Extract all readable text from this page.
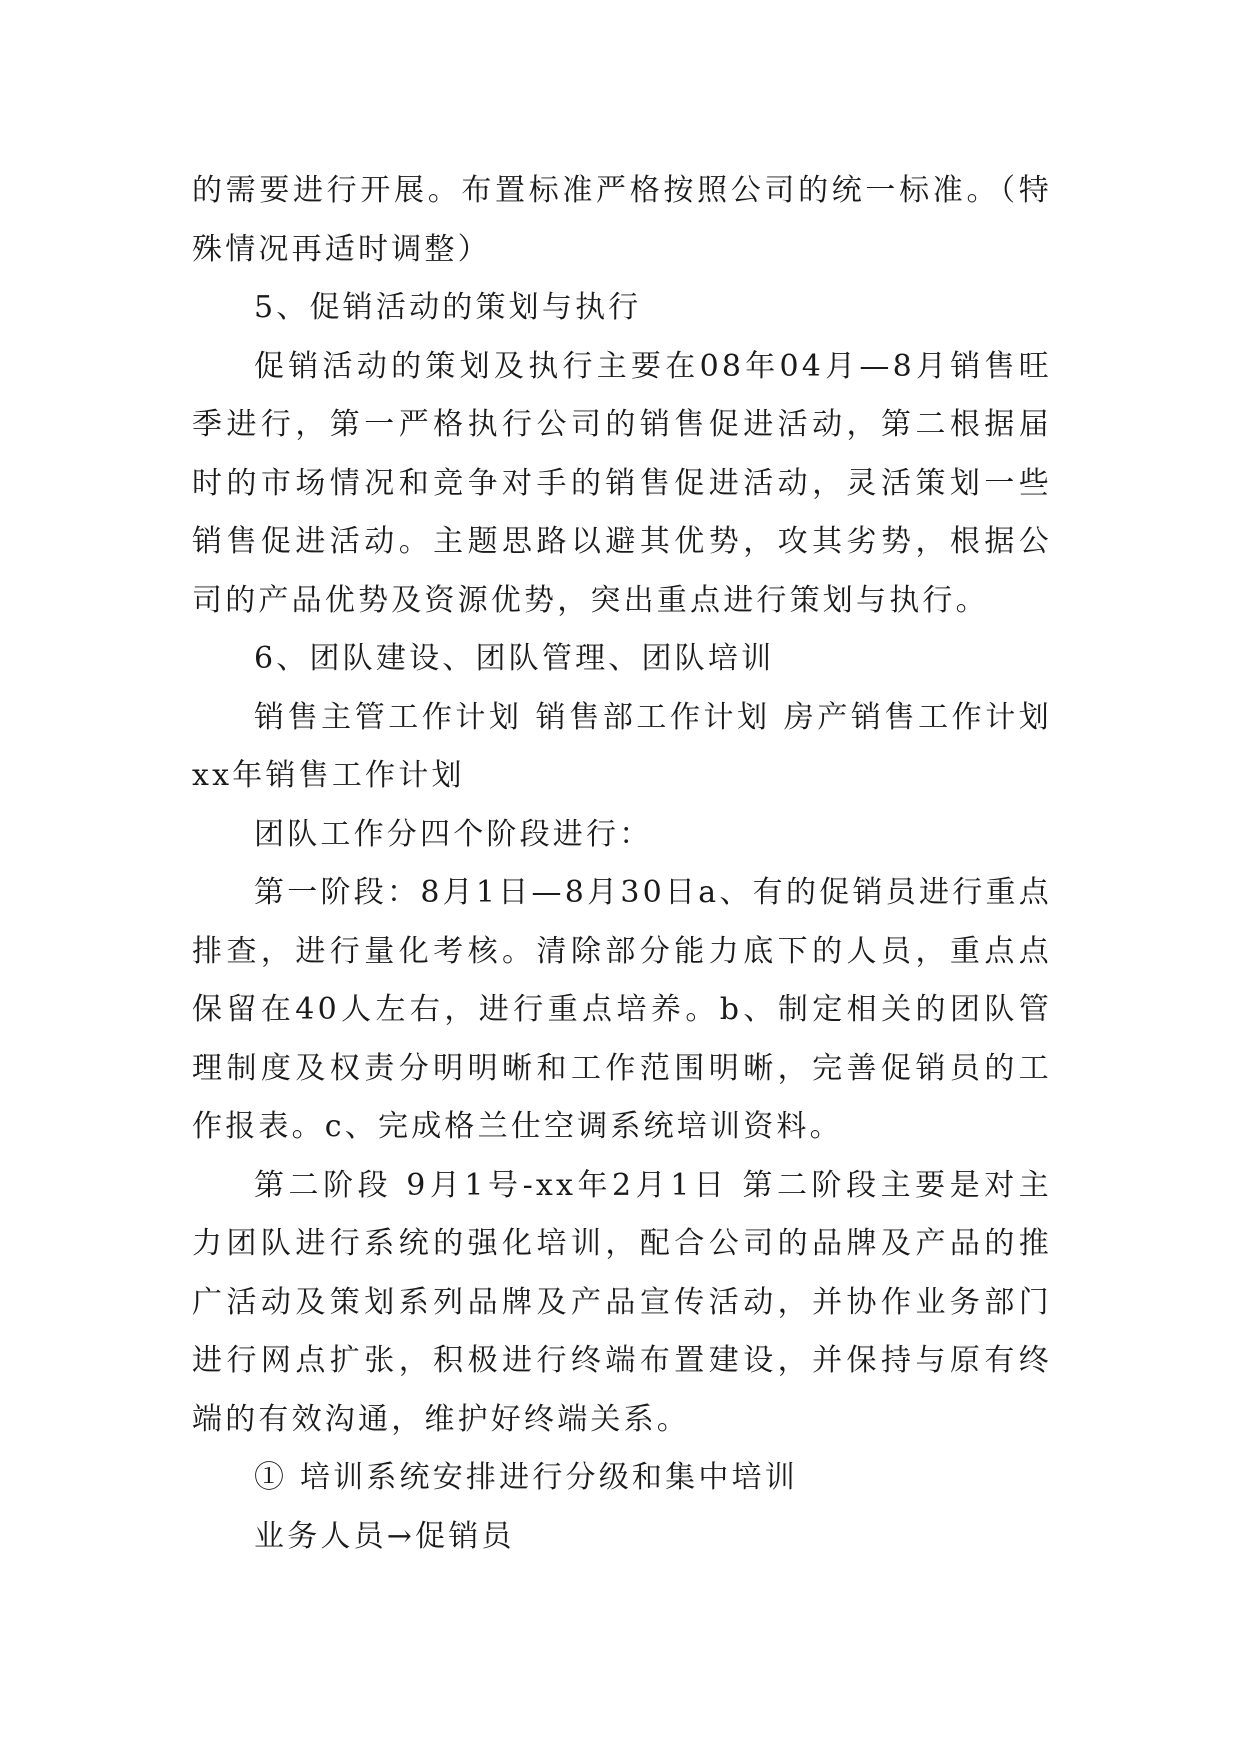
的需要进行开展。布置标准严格按照公司的统一标准。（特殊情况再适时调整）

5、促销活动的策划与执行

促销活动的策划及执行主要在08年04月—8月销售旺季进行，第一严格执行公司的销售促进活动，第二根据届时的市场情况和竞争对手的销售促进活动，灵活策划一些销售促进活动。主题思路以避其优势，攻其劣势，根据公司的产品优势及资源优势，突出重点进行策划与执行。

6、团队建设、团队管理、团队培训

销售主管工作计划 销售部工作计划 房产销售工作计划 xx年销售工作计划

团队工作分四个阶段进行：

第一阶段：8月1日—8月30日a、有的促销员进行重点排查，进行量化考核。清除部分能力底下的人员，重点点保留在40人左右，进行重点培养。b、制定相关的团队管理制度及权责分明明晰和工作范围明晰，完善促销员的工作报表。c、完成格兰仕空调系统培训资料。

第二阶段 9月1号-xx年2月1日 第二阶段主要是对主力团队进行系统的强化培训，配合公司的品牌及产品的推广活动及策划系列品牌及产品宣传活动，并协作业务部门进行网点扩张，积极进行终端布置建设，并保持与原有终端的有效沟通，维护好终端关系。

① 培训系统安排进行分级和集中培训

业务人员→促销员
